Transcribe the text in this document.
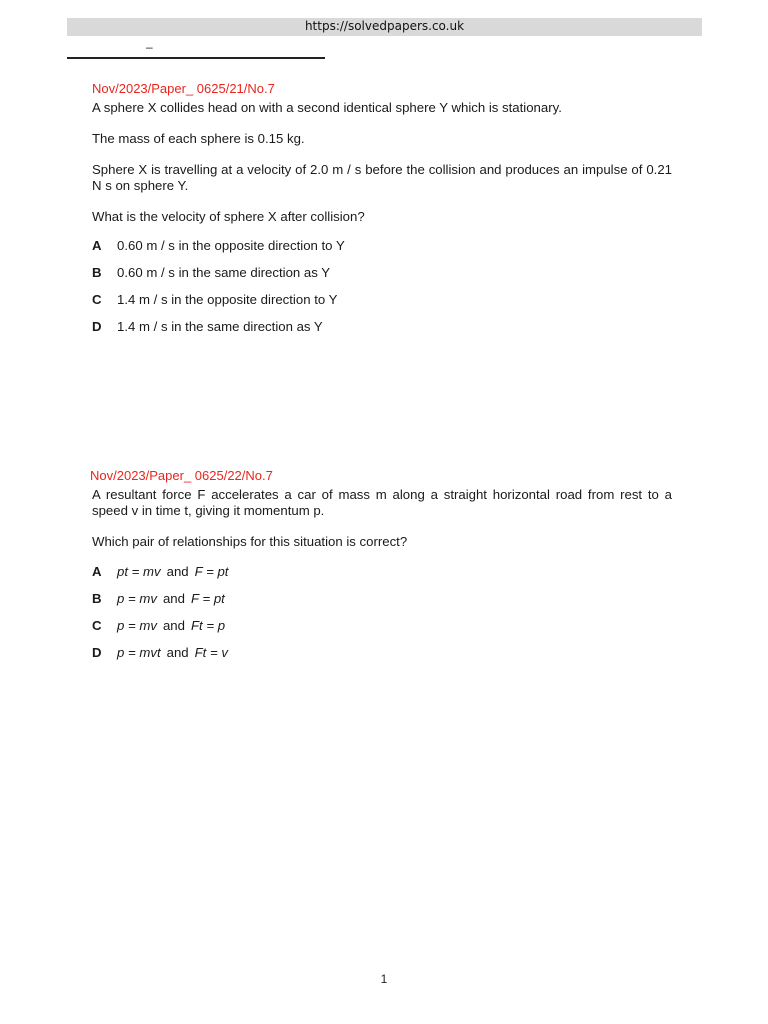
https://solvedpapers.co.uk
–
Nov/2023/Paper_ 0625/21/No.7

A sphere X collides head on with a second identical sphere Y which is stationary.

The mass of each sphere is 0.15 kg.

Sphere X is travelling at a velocity of 2.0 m / s before the collision and produces an impulse of 0.21 N s on sphere Y.

What is the velocity of sphere X after collision?

A 0.60 m / s in the opposite direction to Y
B 0.60 m / s in the same direction as Y
C 1.4 m / s in the opposite direction to Y
D 1.4 m / s in the same direction as Y
Nov/2023/Paper_ 0625/22/No.7

A resultant force F accelerates a car of mass m along a straight horizontal road from rest to a speed v in time t, giving it momentum p.

Which pair of relationships for this situation is correct?

A pt = mv and F = pt
B p = mv and F = pt
C p = mv and Ft = p
D p = mvt and Ft = v
1
